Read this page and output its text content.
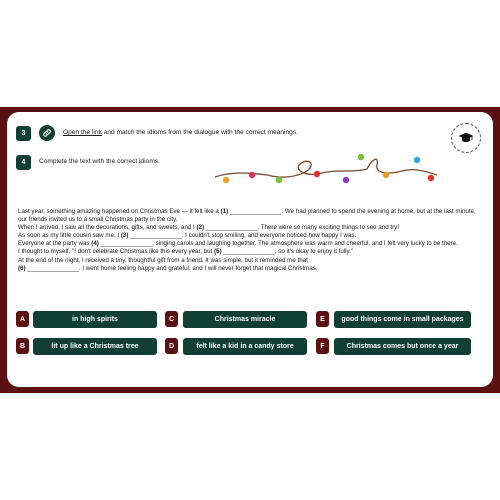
3	Open the link and match the idioms from the dialogue with the correct meanings.
4	Complete the text with the correct idioms.

Last year, something amazing happened on Christmas Eve — it felt like a (1) _______________. We had planned to spend the evening at home, but at the last minute, our friends invited us to a small Christmas party in the city.

When I arrived, I saw all the decorations, gifts, and sweets, and I (2) _______________. There were so many exciting things to see and try!

As soon as my little cousin saw me, I (3) _______________. I couldn't stop smiling, and everyone noticed how happy I was.

Everyone at the party was (4) _______________, singing carols and laughing together. The atmosphere was warm and cheerful, and I felt very lucky to be there.

I thought to myself, "I don't celebrate Christmas like this every year, but (5) _______________, so it's okay to enjoy it fully."

At the end of the night, I received a tiny, thoughtful gift from a friend. It was simple, but it reminded me that

(6) _______________. I went home feeling happy and grateful, and I will never forget that magical Christmas.

A	in high spirits
B	lit up like a Christmas tree
C	Christmas miracle
D	felt like a kid in a candy store
E	good things come in small packages
F	Christmas comes but once a year
